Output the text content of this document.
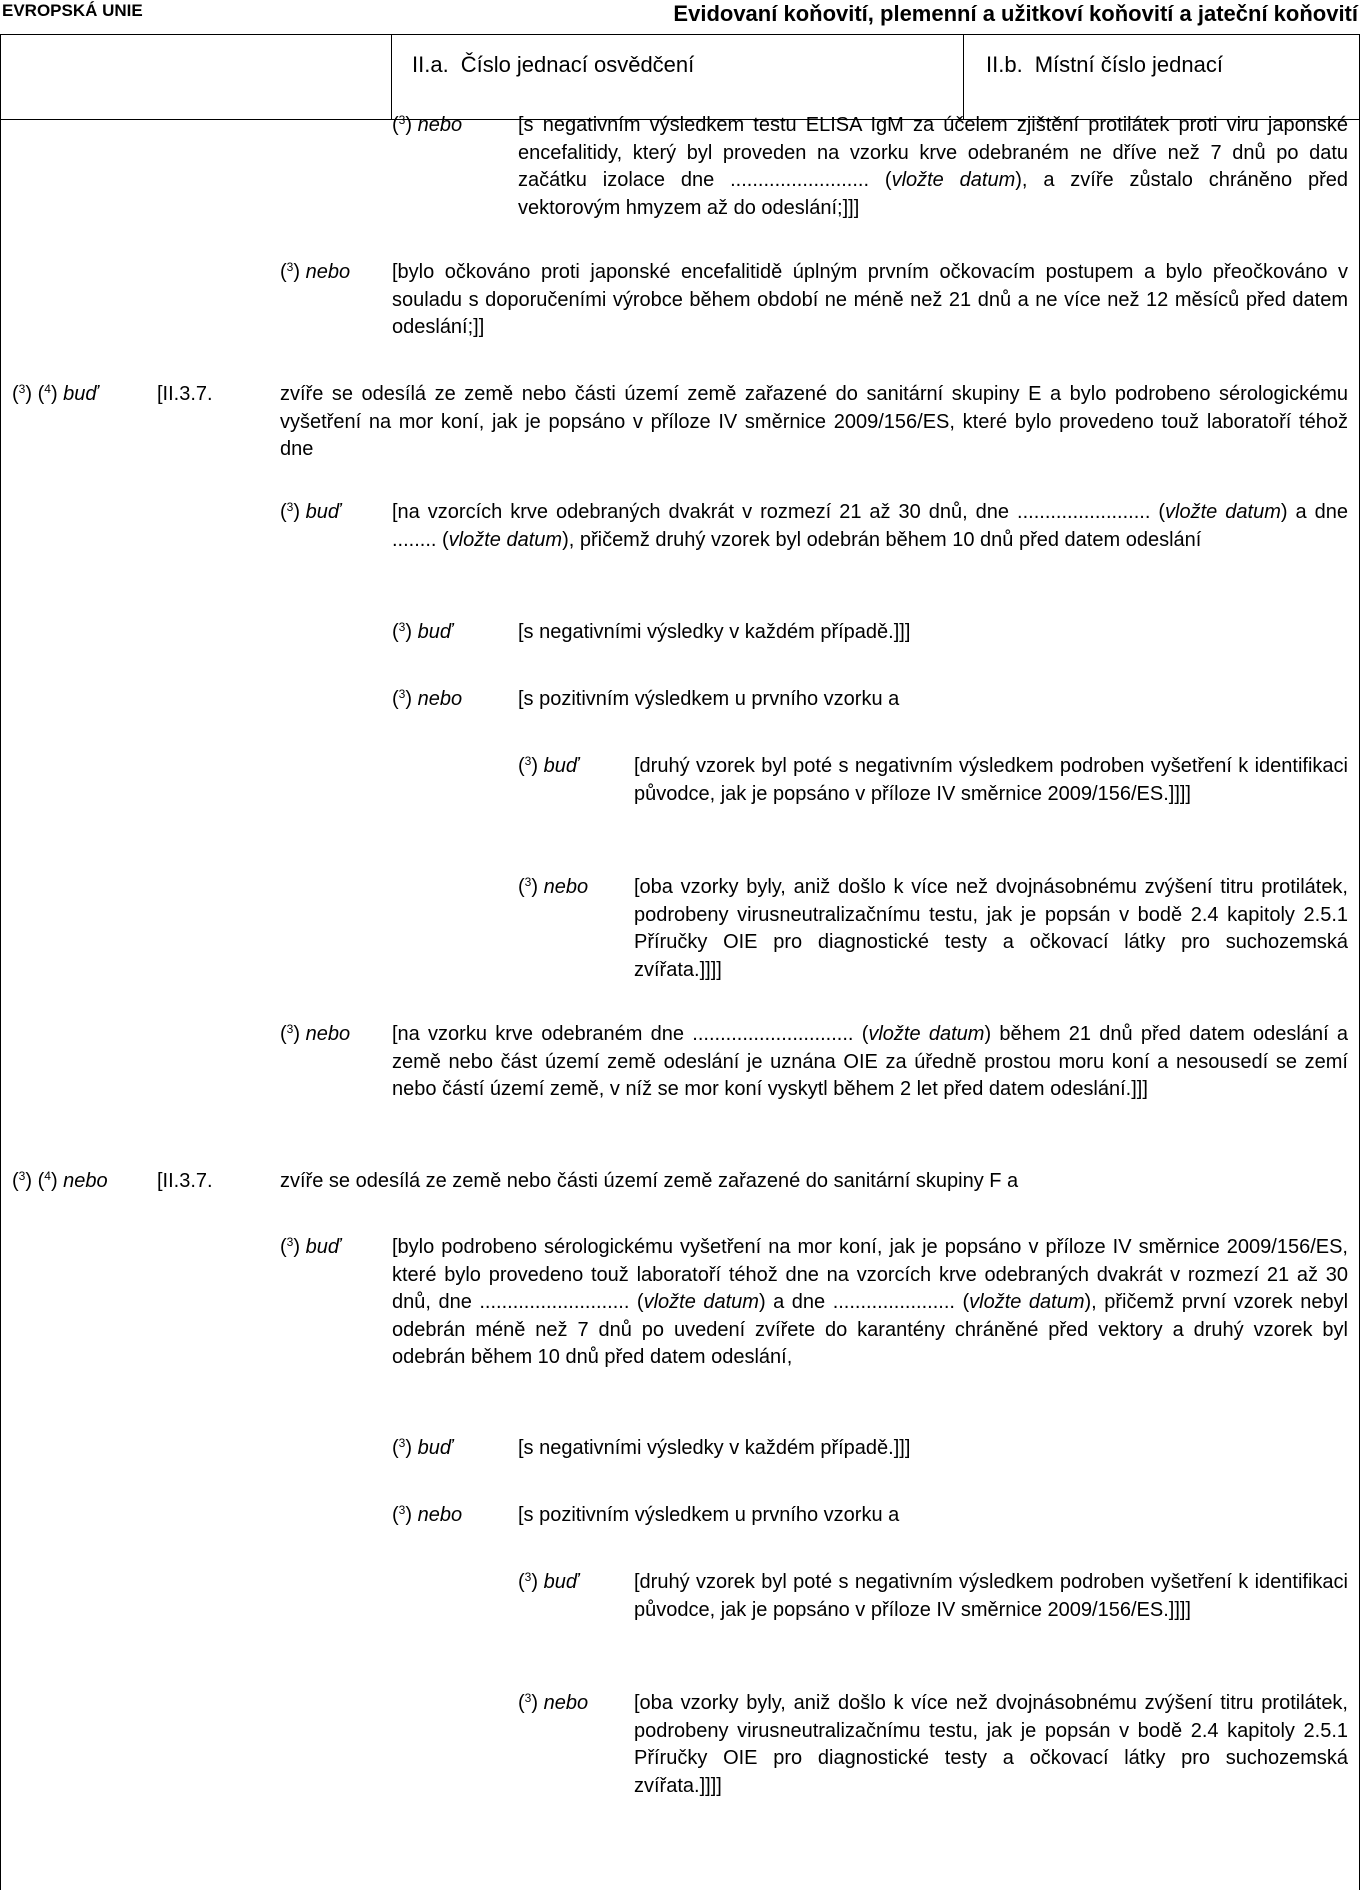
EVROPSKÁ UNIE	Evidovaní koňovití, plemenní a užitkoví koňovití a jateční koňovití
II.a. Číslo jednací osvědčení	II.b. Místní číslo jednací
($^3$) nebo	[s negativním výsledkem testu ELISA IgM za účelem zjištění protilátek proti viru japonské encefalitidy, který byl proveden na vzorku krve odebraném ne dříve než 7 dnů po datu začátku izolace dne ......................... (vložte datum), a zvíře zůstalo chráněno před vektorovým hmyzem až do odeslání;]]]
($^3$) nebo [bylo očkováno proti japonské encefalitidě úplným prvním očkovacím postupem a bylo přeočkováno v souladu s doporučeními výrobce během období ne méně než 21 dnů a ne více než 12 měsíců před datem odeslání;]]
($^3$) ($^4$) buď	[II.3.7.	zvíře se odesílá ze země nebo části území země zařazené do sanitární skupiny E a bylo podrobeno sérologickému vyšetření na mor koní, jak je popsáno v příloze IV směrnice 2009/156/ES, které bylo provedeno touž laboratoří téhož dne
($^3$) buď	[na vzorcích krve odebraných dvakrát v rozmezí 21 až 30 dnů, dne ........................ (vložte datum) a dne ........ (vložte datum), přičemž druhý vzorek byl odebrán během 10 dnů před datem odeslání
($^3$) buď	[s negativními výsledky v každém případě.]]]
($^3$) nebo	[s pozitivním výsledkem u prvního vzorku a
($^3$) buď	[druhý vzorek byl poté s negativním výsledkem podroben vyšetření k identifikaci původce, jak je popsáno v příloze IV směrnice 2009/156/ES.]]]]
($^3$) nebo [oba vzorky byly, aniž došlo k více než dvojnásobnému zvýšení titru protilátek, podrobeny virusneutralizačnímu testu, jak je popsán v bodě 2.4 kapitoly 2.5.1 Příručky OIE pro diagnostické testy a očkovací látky pro suchozemská zvířata.]]]]
($^3$) nebo [na vzorku krve odebraném dne ............................. (vložte datum) během 21 dnů před datem odeslání a země nebo část území země odeslání je uznána OIE za úředně prostou moru koní a nesousedí se zemí nebo částí území země, v níž se mor koní vyskytl během 2 let před datem odeslání.]]]
($^3$) ($^4$) nebo [II.3.7.	zvíře se odesílá ze země nebo části území země zařazené do sanitární skupiny F a
($^3$) buď	[bylo podrobeno sérologickému vyšetření na mor koní, jak je popsáno v příloze IV směrnice 2009/156/ES, které bylo provedeno touž laboratoří téhož dne na vzorcích krve odebraných dvakrát v rozmezí 21 až 30 dnů, dne ........................... (vložte datum) a dne ...................... (vložte datum), přičemž první vzorek nebyl odebrán méně než 7 dnů po uvedení zvířete do karantény chráněné před vektory a druhý vzorek byl odebrán během 10 dnů před datem odeslání,
($^3$) buď	[s negativními výsledky v každém případě.]]]
($^3$) nebo	[s pozitivním výsledkem u prvního vzorku a
($^3$) buď	[druhý vzorek byl poté s negativním výsledkem podroben vyšetření k identifikaci původce, jak je popsáno v příloze IV směrnice 2009/156/ES.]]]]
($^3$) nebo [oba vzorky byly, aniž došlo k více než dvojnásobnému zvýšení titru protilátek, podrobeny virusneutralizačnímu testu, jak je popsán v bodě 2.4 kapitoly 2.5.1 Příručky OIE pro diagnostické testy a očkovací látky pro suchozemská zvířata.]]]]
